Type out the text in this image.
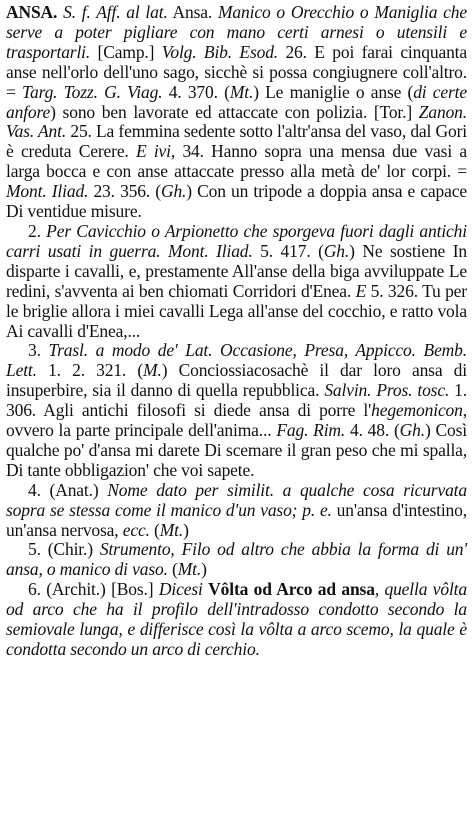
ANSA. S. f. Aff. al lat. Ansa. Manico o Orecchio o Maniglia che serve a poter pigliare con mano certi arnesi o utensili e trasportarli. [Camp.] Volg. Bib. Esod. 26. E poi farai cinquanta anse nell'orlo dell'uno sago, sicchè si possa congiugnere coll'altro. = Targ. Tozz. G. Viag. 4. 370. (Mt.) Le maniglie o anse (di certe anfore) sono ben lavorate ed attaccate con polizia. [Tor.] Zanon. Vas. Ant. 25. La femmina sedente sotto l'altr'ansa del vaso, dal Gori è creduta Cerere. E ivi, 34. Hanno sopra una mensa due vasi a larga bocca e con anse attaccate presso alla metà de' lor corpi. = Mont. Iliad. 23. 356. (Gh.) Con un tripode a doppia ansa e capace Di ventidue misure.

2. Per Cavicchio o Arpionetto che sporgeva fuori dagli antichi carri usati in guerra. Mont. Iliad. 5. 417. (Gh.) Ne sostiene In disparte i cavalli, e, prestamente All'anse della biga avviluppate Le redini, s'avventa ai ben chiomati Corridori d'Enea. E 5. 326. Tu per le briglie allora i miei cavalli Lega all'anse del cocchio, e ratto vola Ai cavalli d'Enea,...

3. Trasl. a modo de' Lat. Occasione, Presa, Appicco. Bemb. Lett. 1. 2. 321. (M.) Conciossiacosachè il dar loro ansa di insuperbire, sia il danno di quella repubblica. Salvin. Pros. tosc. 1. 306. Agli antichi filosofi si diede ansa di porre l'hegemonicon, ovvero la parte principale dell'anima... Fag. Rim. 4. 48. (Gh.) Così qualche po' d'ansa mi darete Di scemare il gran peso che mi spalla, Di tante obbligazion' che voi sapete.

4. (Anat.) Nome dato per similit. a qualche cosa ricurvata sopra se stessa come il manico d'un vaso; p. e. un'ansa d'intestino, un'ansa nervosa, ecc. (Mt.)

5. (Chir.) Strumento, Filo od altro che abbia la forma di un' ansa, o manico di vaso. (Mt.)

6. (Archit.) [Bos.] Dicesi Vôlta od Arco ad ansa, quella vôlta od arco che ha il profilo dell'intradosso condotto secondo la semiovale lunga, e differisce così la vôlta a arco scemo, la quale è condotta secondo un arco di cerchio.
